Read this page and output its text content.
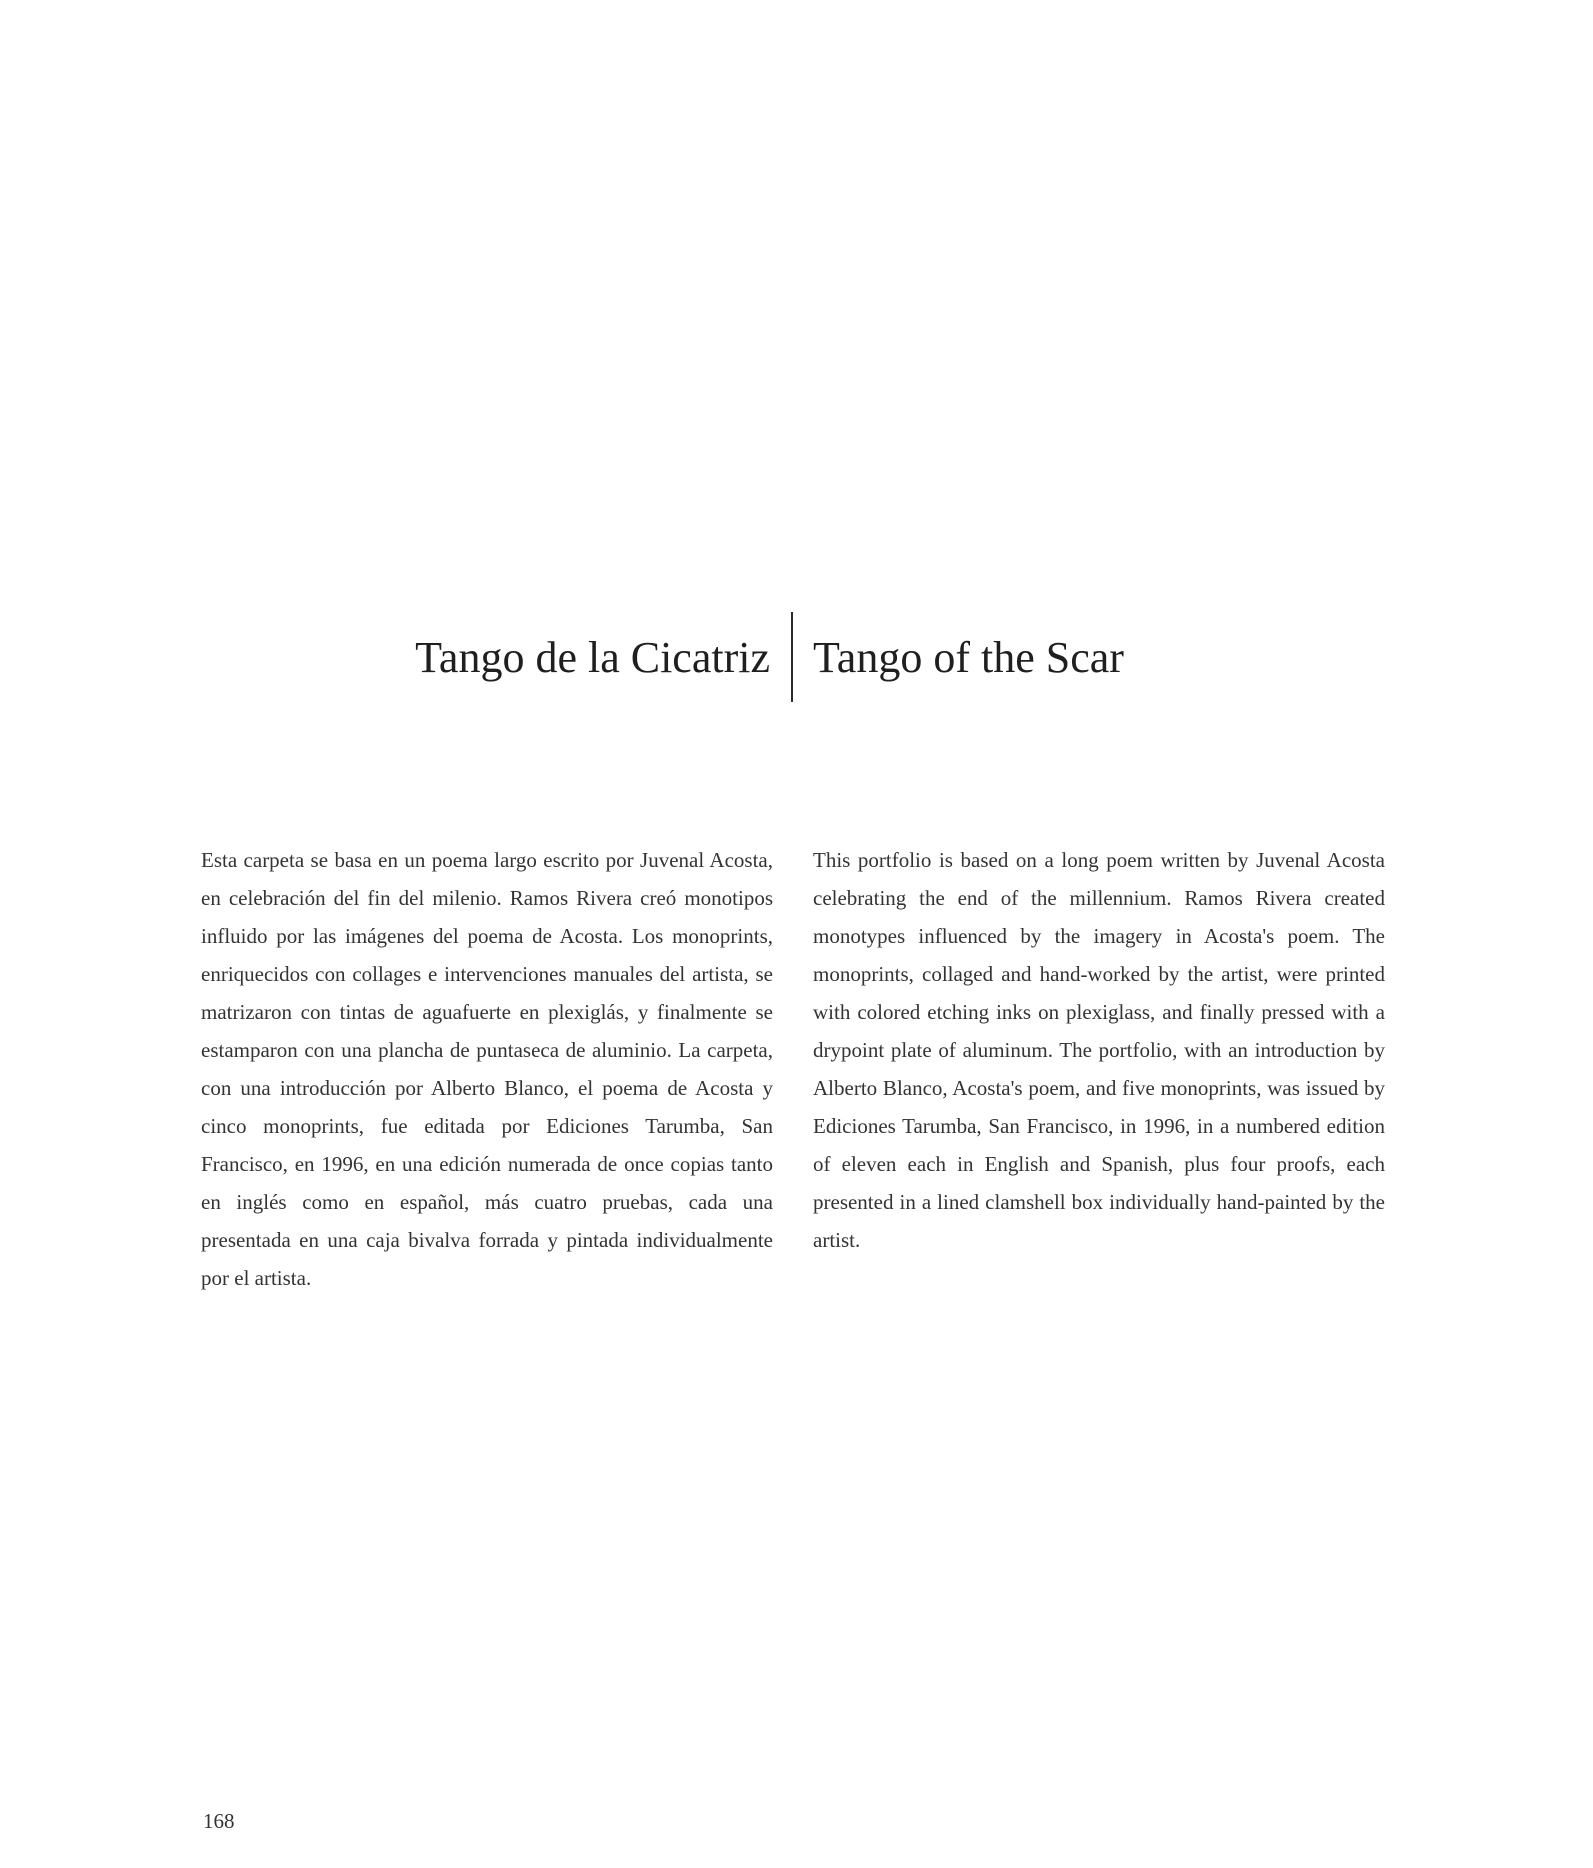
Tango de la Cicatriz Tango of the Scar

Esta carpeta se basa en un poema largo escrito por Juvenal Acosta, en celebración del fin del milenio. Ramos Rivera creó monotipos influido por las imágenes del poema de Acosta. Los monoprints, enriquecidos con collages e intervenciones manuales del artista, se matrizaron con tintas de aguafuerte en plexiglás, y finalmente se estamparon con una plancha de puntaseca de aluminio. La carpeta, con una introducción por Alberto Blanco, el poema de Acosta y cinco monoprints, fue editada por Ediciones Tarumba, San Francisco, en 1996, en una edición numerada de once copias tanto en inglés como en español, más cuatro pruebas, cada una presentada en una caja bivalva forrada y pintada individualmente por el artista.

This portfolio is based on a long poem written by Juvenal Acosta celebrating the end of the millennium. Ramos Rivera created monotypes influenced by the imagery in Acosta's poem. The monoprints, collaged and hand-worked by the artist, were printed with colored etching inks on plexiglass, and finally pressed with a drypoint plate of aluminum. The portfolio, with an introduction by Alberto Blanco, Acosta's poem, and five monoprints, was issued by Ediciones Tarumba, San Francisco, in 1996, in a numbered edition of eleven each in English and Spanish, plus four proofs, each presented in a lined clamshell box individually hand-painted by the artist.

168
